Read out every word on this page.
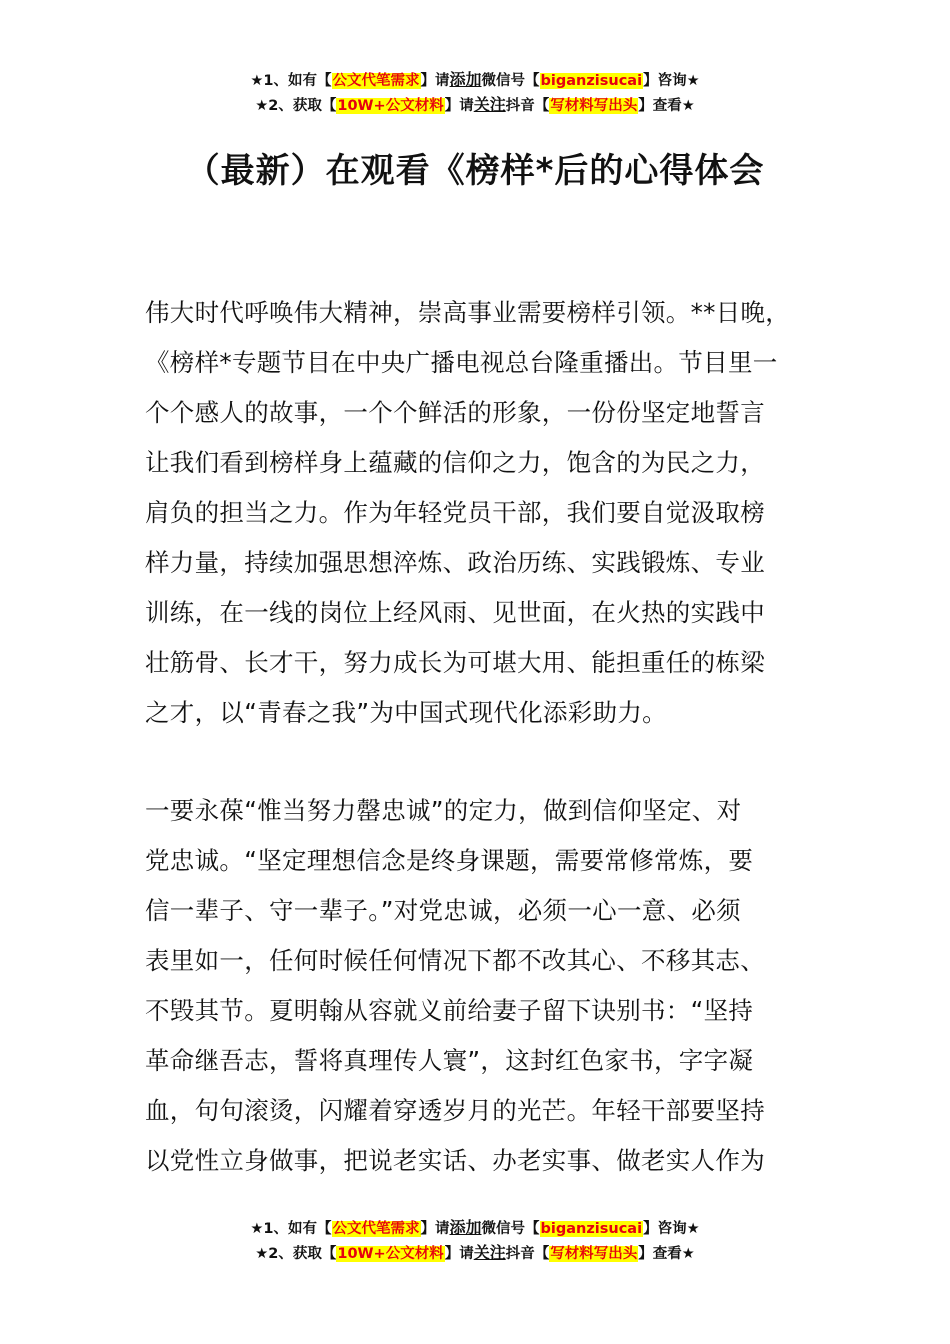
★1、如有【公文代笔需求】请添加微信号【biganzisucai】咨询★
★2、获取【10W+公文材料】请关注抖音【写材料写出头】查看★
（最新）在观看《榜样*后的心得体会
伟大时代呼唤伟大精神，崇高事业需要榜样引领。**日晚，
《榜样*专题节目在中央广播电视总台隆重播出。节目里一
个个感人的故事，一个个鲜活的形象，一份份坚定地誓言
让我们看到榜样身上蕴藏的信仰之力，饱含的为民之力，
肩负的担当之力。作为年轻党员干部，我们要自觉汲取榜
样力量，持续加强思想淬炼、政治历练、实践锻炼、专业
训练，在一线的岗位上经风雨、见世面，在火热的实践中
壮筋骨、长才干，努力成长为可堪大用、能担重任的栋梁
之才，以“青春之我”为中国式现代化添彩助力。
一要永葆“惟当努力罄忠诚”的定力，做到信仰坚定、对
党忠诚。“坚定理想信念是终身课题，需要常修常炼，要
信一辈子、守一辈子。”对党忠诚，必须一心一意、必须
表里如一，任何时候任何情况下都不改其心、不移其志、
不毁其节。夏明翰从容就义前给妻子留下诀别书：“坚持
革命继吾志，誓将真理传人寰”，这封红色家书，字字凝
血，句句滚烫，闪耀着穿透岁月的光芒。年轻干部要坚持
以党性立身做事，把说老实话、办老实事、做老实人作为
★1、如有【公文代笔需求】请添加微信号【biganzisucai】咨询★
★2、获取【10W+公文材料】请关注抖音【写材料写出头】查看★
